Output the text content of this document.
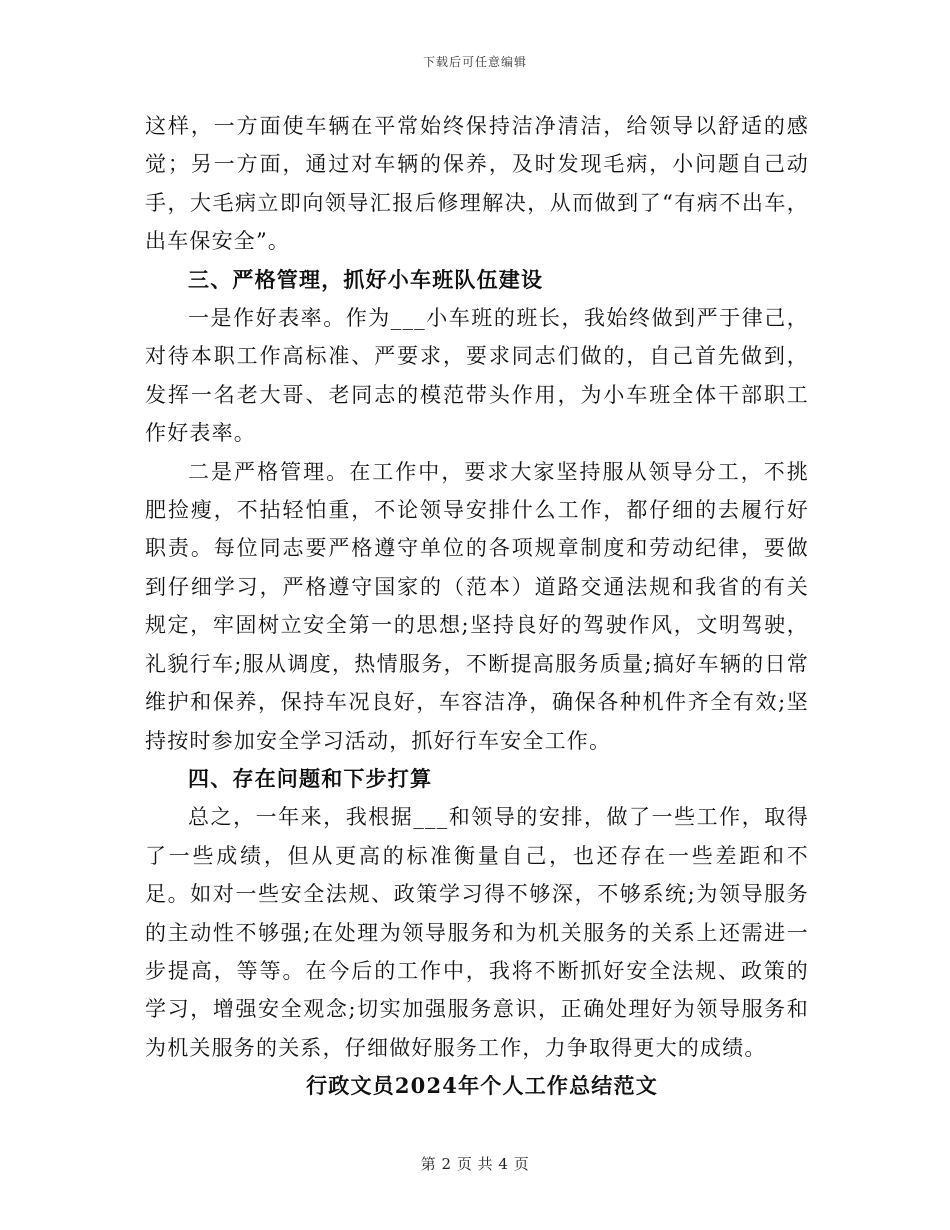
下载后可任意编辑

这样，一方面使车辆在平常始终保持洁净清洁，给领导以舒适的感觉；另一方面，通过对车辆的保养，及时发现毛病，小问题自己动手，大毛病立即向领导汇报后修理解决，从而做到了“有病不出车，出车保安全”。

三、严格管理，抓好小车班队伍建设

一是作好表率。作为___小车班的班长，我始终做到严于律己，对待本职工作高标准、严要求，要求同志们做的，自己首先做到，发挥一名老大哥、老同志的模范带头作用，为小车班全体干部职工作好表率。

二是严格管理。在工作中，要求大家坚持服从领导分工，不挑肥捡瘦，不拈轻怕重，不论领导安排什么工作，都仔细的去履行好职责。每位同志要严格遵守单位的各项规章制度和劳动纪律，要做到仔细学习，严格遵守国家的（范本）道路交通法规和我省的有关规定，牢固树立安全第一的思想;坚持良好的驾驶作风，文明驾驶，礼貌行车;服从调度，热情服务，不断提高服务质量;搞好车辆的日常维护和保养，保持车况良好，车容洁净，确保各种机件齐全有效;坚持按时参加安全学习活动，抓好行车安全工作。

四、存在问题和下步打算

总之，一年来，我根据___和领导的安排，做了一些工作，取得了一些成绩，但从更高的标准衡量自己，也还存在一些差距和不足。如对一些安全法规、政策学习得不够深，不够系统;为领导服务的主动性不够强;在处理为领导服务和为机关服务的关系上还需进一步提高，等等。在今后的工作中，我将不断抓好安全法规、政策的学习，增强安全观念;切实加强服务意识，正确处理好为领导服务和为机关服务的关系，仔细做好服务工作，力争取得更大的成绩。

行政文员2024年个人工作总结范文

第 2 页 共 4 页
